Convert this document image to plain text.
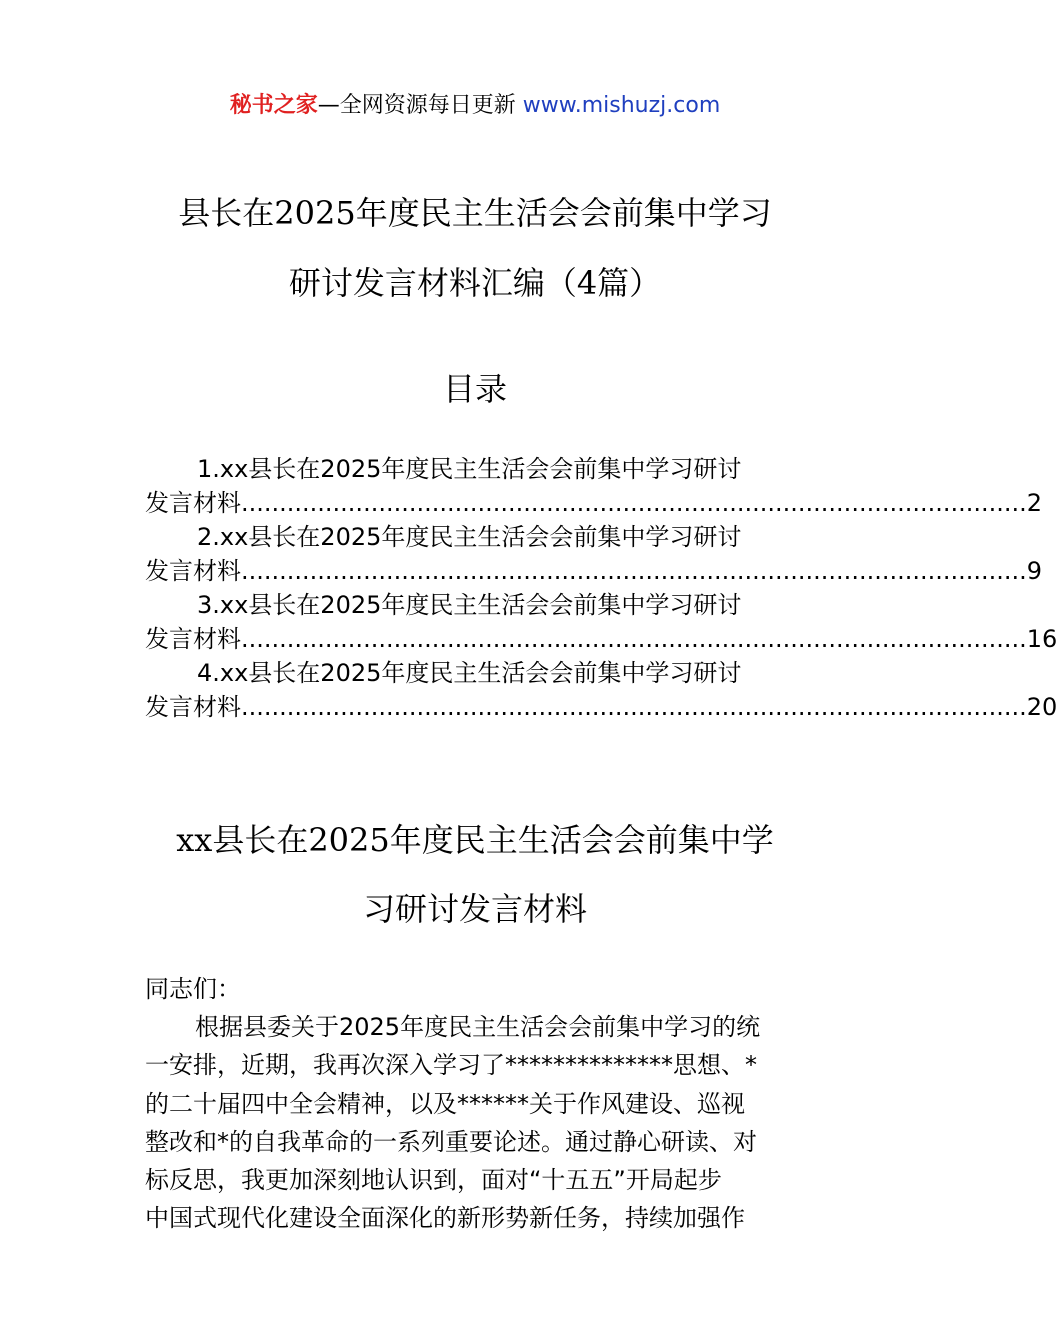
秘书之家—全网资源每日更新 www.mishuzj.com
县长在2025年度民主生活会会前集中学习
研讨发言材料汇编（4篇）
目录
1.xx县长在2025年度民主生活会会前集中学习研讨
发言材料 ....................................................................................................... 2
2.xx县长在2025年度民主生活会会前集中学习研讨
发言材料 ....................................................................................................... 9
3.xx县长在2025年度民主生活会会前集中学习研讨
发言材料 ....................................................................................................... 16
4.xx县长在2025年度民主生活会会前集中学习研讨
发言材料 ....................................................................................................... 20
xx县长在2025年度民主生活会会前集中学
习研讨发言材料
同志们：
根据县委关于2025年度民主生活会会前集中学习的统
一安排，近期，我再次深入学习了**************思想、*
的二十届四中全会精神，以及******关于作风建设、巡视
整改和*的自我革命的一系列重要论述。通过静心研读、对
标反思，我更加深刻地认识到，面对“十五五”开局起步
中国式现代化建设全面深化的新形势新任务，持续加强作
